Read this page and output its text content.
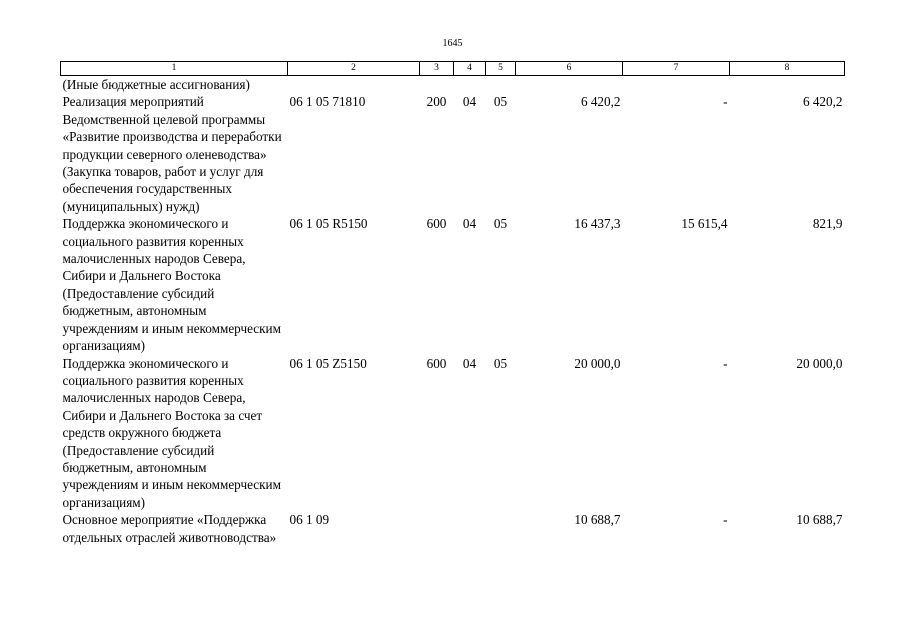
1645
1	2	3	4	5	6	7	8
(Иные бюджетные ассигнования)							
Реализация мероприятий Ведомственной целевой программы «Развитие производства и переработки продукции северного оленеводства» (Закупка товаров, работ и услуг для обеспечения государственных (муниципальных) нужд)	06 1 05 71810	200	04	05	6 420,2	-	6 420,2
Поддержка экономического и социального развития коренных малочисленных народов Севера, Сибири и Дальнего Востока (Предоставление субсидий бюджетным, автономным учреждениям и иным некоммерческим организациям)	06 1 05 R5150	600	04	05	16 437,3	15 615,4	821,9
Поддержка экономического и социального развития коренных малочисленных народов Севера, Сибири и Дальнего Востока за счет средств окружного бюджета (Предоставление субсидий бюджетным, автономным учреждениям и иным некоммерческим организациям)	06 1 05 Z5150	600	04	05	20 000,0	-	20 000,0
Основное мероприятие «Поддержка отдельных отраслей животноводства»	06 1 09				10 688,7	-	10 688,7
